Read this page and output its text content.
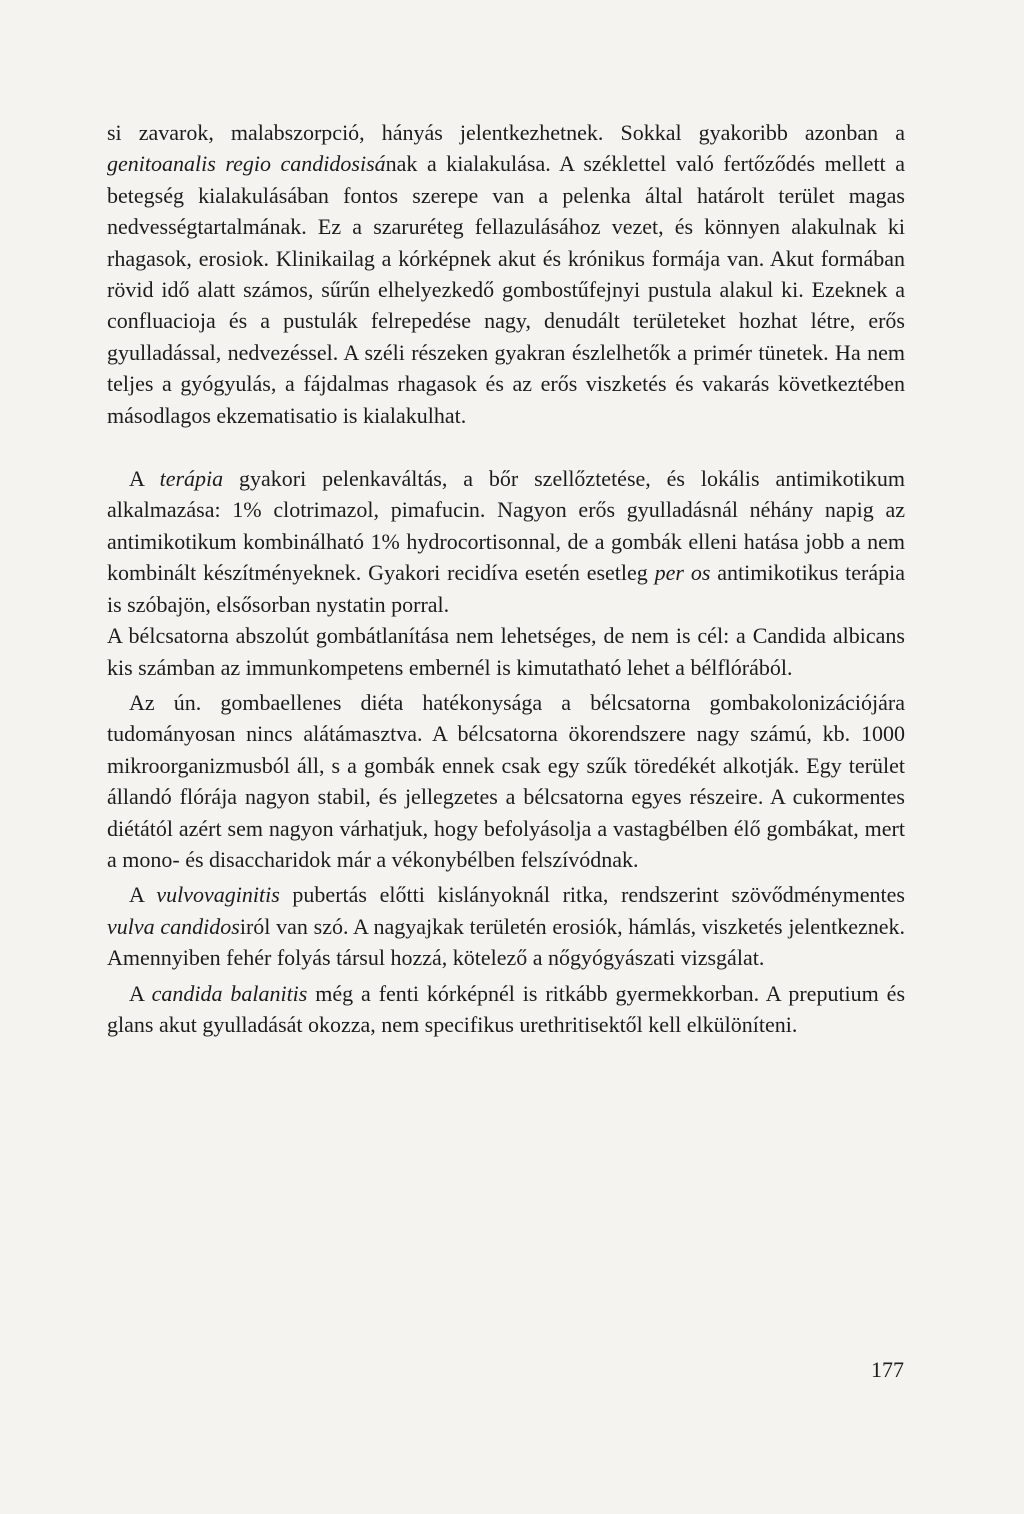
si zavarok, malabszorpció, hányás jelentkezhetnek. Sokkal gyakoribb azonban a genitoanalis regio candidosisának a kialakulása. A széklettel való fertőződés mellett a betegség kialakulásában fontos szerepe van a pelenka által határolt terület magas nedvességtartalmának. Ez a szaruréteg fellazulásához vezet, és könnyen alakulnak ki rhagasok, erosiok. Klinikailag a kórképnek akut és krónikus formája van. Akut formában rövid idő alatt számos, sűrűn elhelyezkedő gombostűfejnyi pustula alakul ki. Ezeknek a confluacioja és a pustulák felrepedése nagy, denudált területeket hozhat létre, erős gyulladással, nedvezéssel. A széli részeken gyakran észlelhetők a primér tünetek. Ha nem teljes a gyógyulás, a fájdalmas rhagasok és az erős viszketés és vakarás következtében másodlagos ekzematisatio is kialakulhat.

A terápia gyakori pelenkaváltás, a bőr szellőztetése, és lokális antimikotikum alkalmazása: 1% clotrimazol, pimafucin. Nagyon erős gyulladásnál néhány napig az antimikotikum kombinálható 1% hydrocortisonnal, de a gombák elleni hatása jobb a nem kombinált készítményeknek. Gyakori recidíva esetén esetleg per os antimikotikus terápia is szóbajön, elsősorban nystatin porral.

A bélcsatorna abszolút gombátlanítása nem lehetséges, de nem is cél: a Candida albicans kis számban az immunkompetens embernél is kimutatható lehet a bélflórából.

Az ún. gombaellenes diéta hatékonysága a bélcsatorna gombakolonizációjára tudományosan nincs alátámasztva. A bélcsatorna ökorendszere nagy számú, kb. 1000 mikroorganizmusból áll, s a gombák ennek csak egy szűk töredékét alkotják. Egy terület állandó flórája nagyon stabil, és jellegzetes a bélcsatorna egyes részeire. A cukormentes diétától azért sem nagyon várhatjuk, hogy befolyásolja a vastagbélben élő gombákat, mert a mono- és disaccharidok már a vékonybélben felszívódnak.

A vulvovaginitis pubertás előtti kislányoknál ritka, rendszerint szövődménymentes vulva candidosiról van szó. A nagyajkak területén erosiók, hámlás, viszketés jelentkeznek. Amennyiben fehér folyás társul hozzá, kötelező a nőgyógyászati vizsgálat.

A candida balanitis még a fenti kórképnél is ritkább gyermekkorban. A preputium és glans akut gyulladását okozza, nem specifikus urethritisektől kell elkülöníteni.

177
